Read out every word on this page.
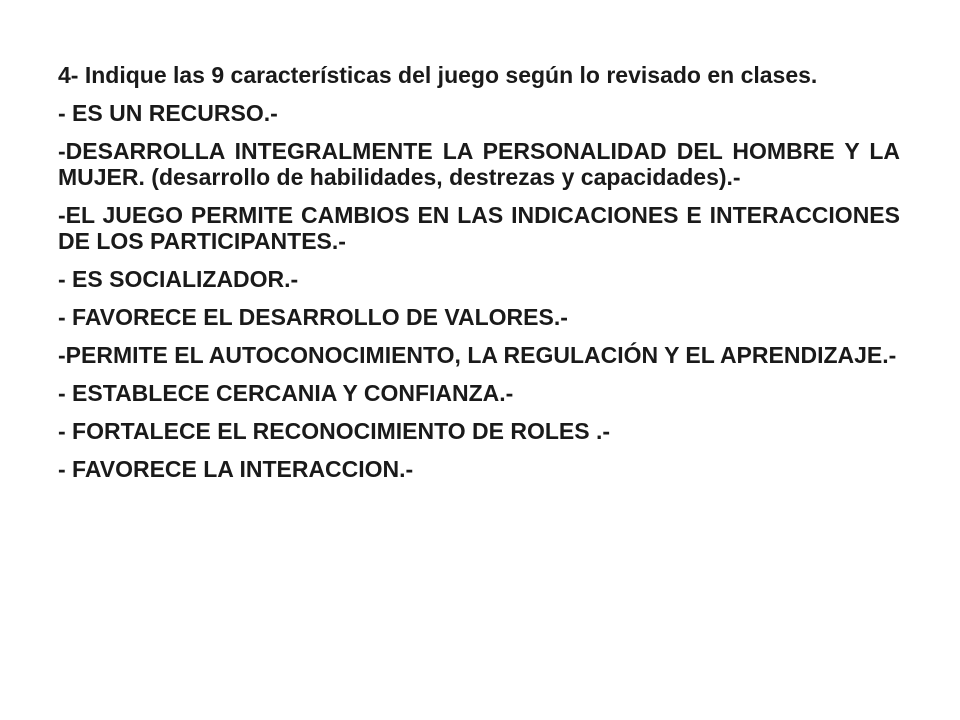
4- Indique las 9 características del juego según lo revisado en clases.

- ES UN RECURSO.-

-DESARROLLA INTEGRALMENTE LA PERSONALIDAD DEL HOMBRE Y LA MUJER. (desarrollo de habilidades, destrezas y capacidades).-

-EL JUEGO PERMITE CAMBIOS EN LAS INDICACIONES E INTERACCIONES DE LOS PARTICIPANTES.-

- ES SOCIALIZADOR.-

- FAVORECE EL DESARROLLO DE VALORES.-

-PERMITE EL AUTOCONOCIMIENTO, LA REGULACIÓN Y EL APRENDIZAJE.-

- ESTABLECE CERCANIA Y CONFIANZA.-

- FORTALECE EL RECONOCIMIENTO DE ROLES .-

- FAVORECE LA INTERACCION.-
